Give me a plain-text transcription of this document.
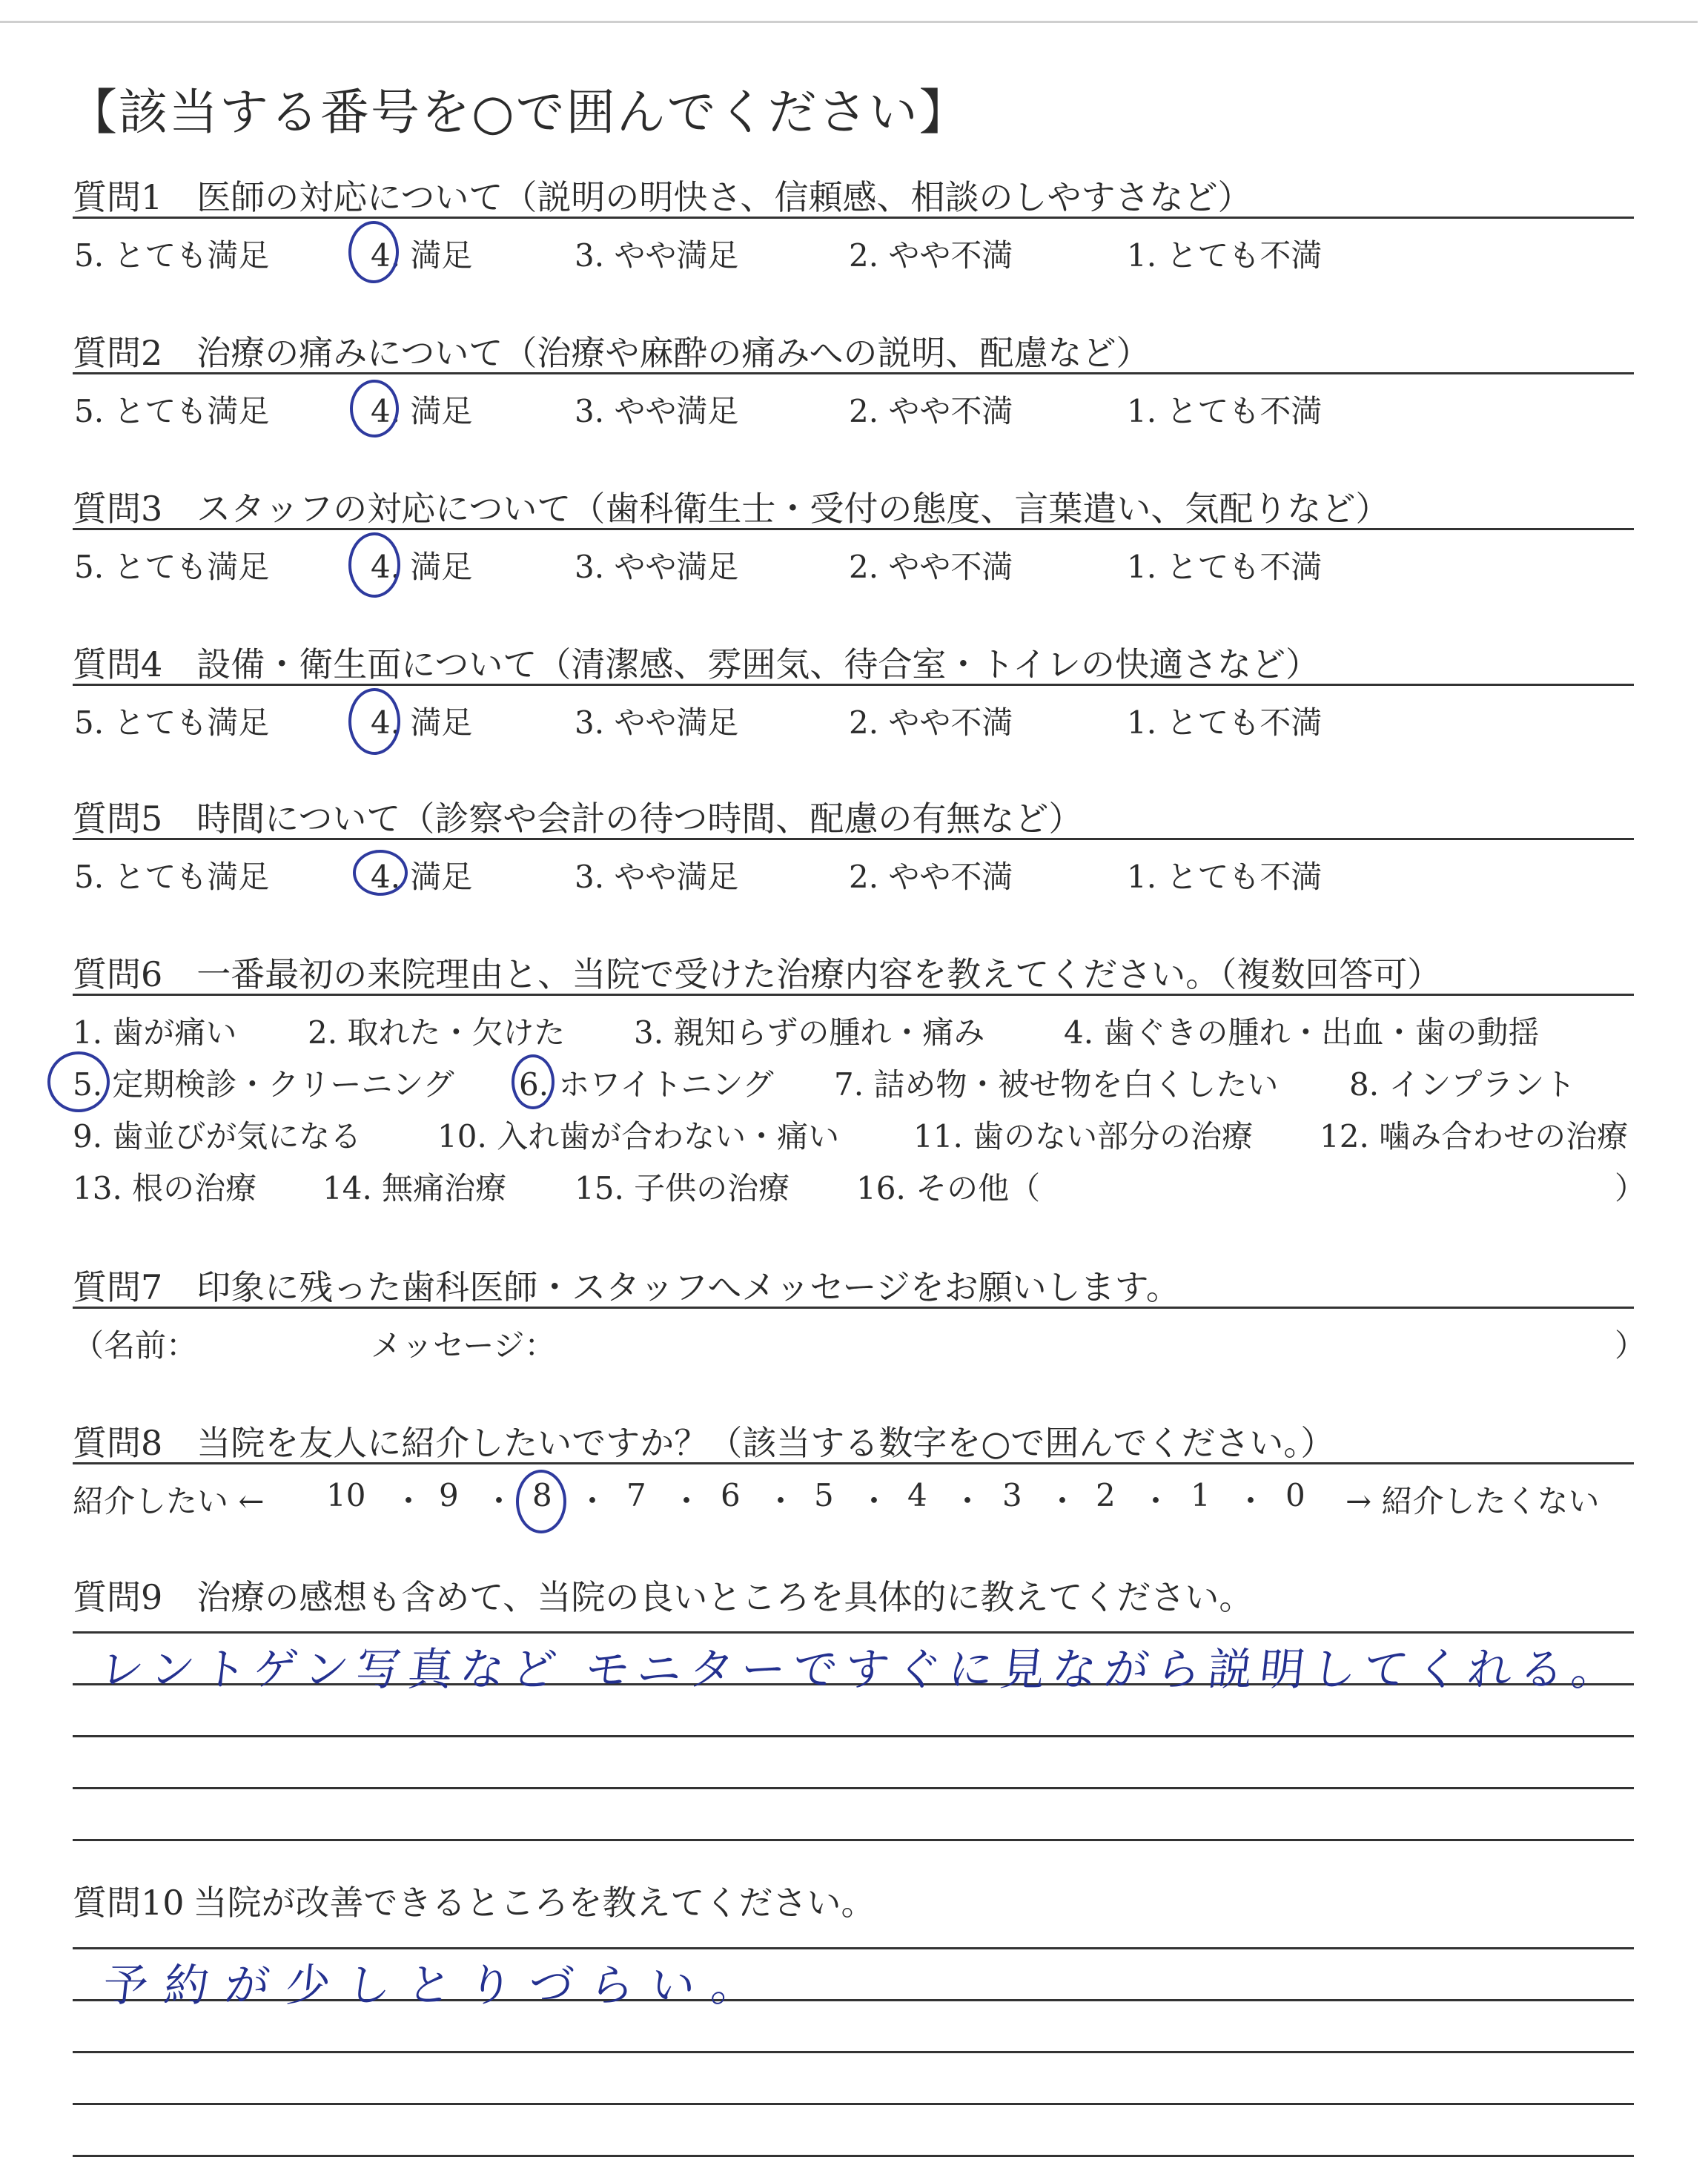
【該当する番号を○で囲んでください】
質問1 医師の対応について（説明の明快さ、信頼感、相談のしやすさなど）
5. とても満足	4. 満足	3. やや満足	2. やや不満	1. とても不満
質問2 治療の痛みについて（治療や麻酔の痛みへの説明、配慮など）
5. とても満足	4. 満足	3. やや満足	2. やや不満	1. とても不満
質問3 スタッフの対応について（歯科衛生士・受付の態度、言葉遣い、気配りなど）
5. とても満足	4. 満足	3. やや満足	2. やや不満	1. とても不満
質問4 設備・衛生面について（清潔感、雰囲気、待合室・トイレの快適さなど）
5. とても満足	4. 満足	3. やや満足	2. やや不満	1. とても不満
質問5 時間について（診察や会計の待つ時間、配慮の有無など）
5. とても満足	4. 満足	3. やや満足	2. やや不満	1. とても不満
質問6 一番最初の来院理由と、当院で受けた治療内容を教えてください。（複数回答可）
1. 歯が痛い 2. 取れた・欠けた 3. 親知らずの腫れ・痛み	4. 歯ぐきの腫れ・出血・歯の動揺
5. 定期検診・クリーニング 6. ホワイトニング 7. 詰め物・被せ物を白くしたい 8. インプラント
9. 歯並びが気になる 10. 入れ歯が合わない・痛い 11. 歯のない部分の治療 12. 噛み合わせの治療
13. 根の治療 14. 無痛治療 15. 子供の治療 16. その他（	）
質問7 印象に残った歯科医師・スタッフへメッセージをお願いします。
（名前：	メッセージ：	）
質問8 当院を友人に紹介したいですか？（該当する数字を○で囲んでください。）
紹介したい ← 10 ・ 9 ・ 8 ・ 7 ・ 6 ・ 5 ・ 4 ・ 3 ・ 2 ・ 1 ・ 0 → 紹介したくない
質問9 治療の感想も含めて、当院の良いところを具体的に教えてください。
レントゲン写真など モニターですぐに見ながら説明してくれる。
質問10 当院が改善できるところを教えてください。
予約が少しとりづらい。
